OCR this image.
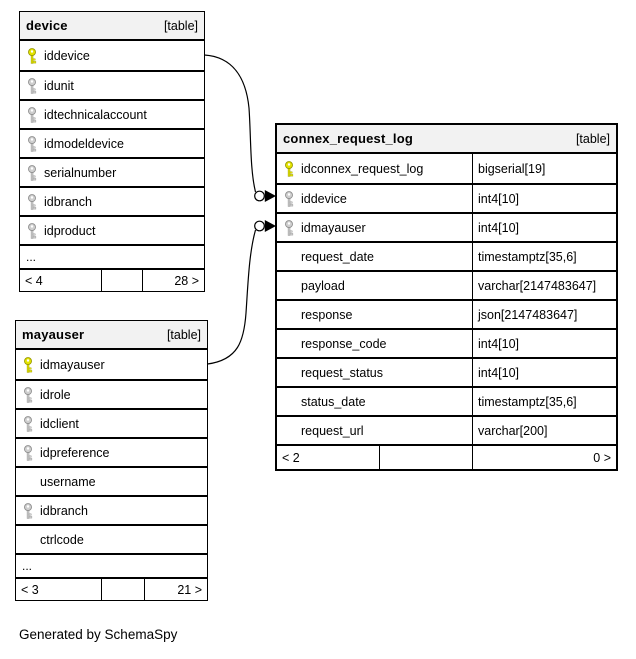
device	[table]
iddevice
idunit
idtechnicalaccount
idmodeldevice
serialnumber
idbranch
idproduct
...
< 4	28 >
connex_request_log	[table]
idconnex_request_log	bigserial[19]
iddevice	int4[10]
idmayauser	int4[10]
request_date	timestamptz[35,6]
payload	varchar[2147483647]
response	json[2147483647]
response_code	int4[10]
request_status	int4[10]
status_date	timestamptz[35,6]
request_url	varchar[200]
< 2	0 >
mayauser	[table]
idmayauser
idrole
idclient
idpreference
username
idbranch
ctrlcode
...
< 3	21 >
Generated by SchemaSpy
